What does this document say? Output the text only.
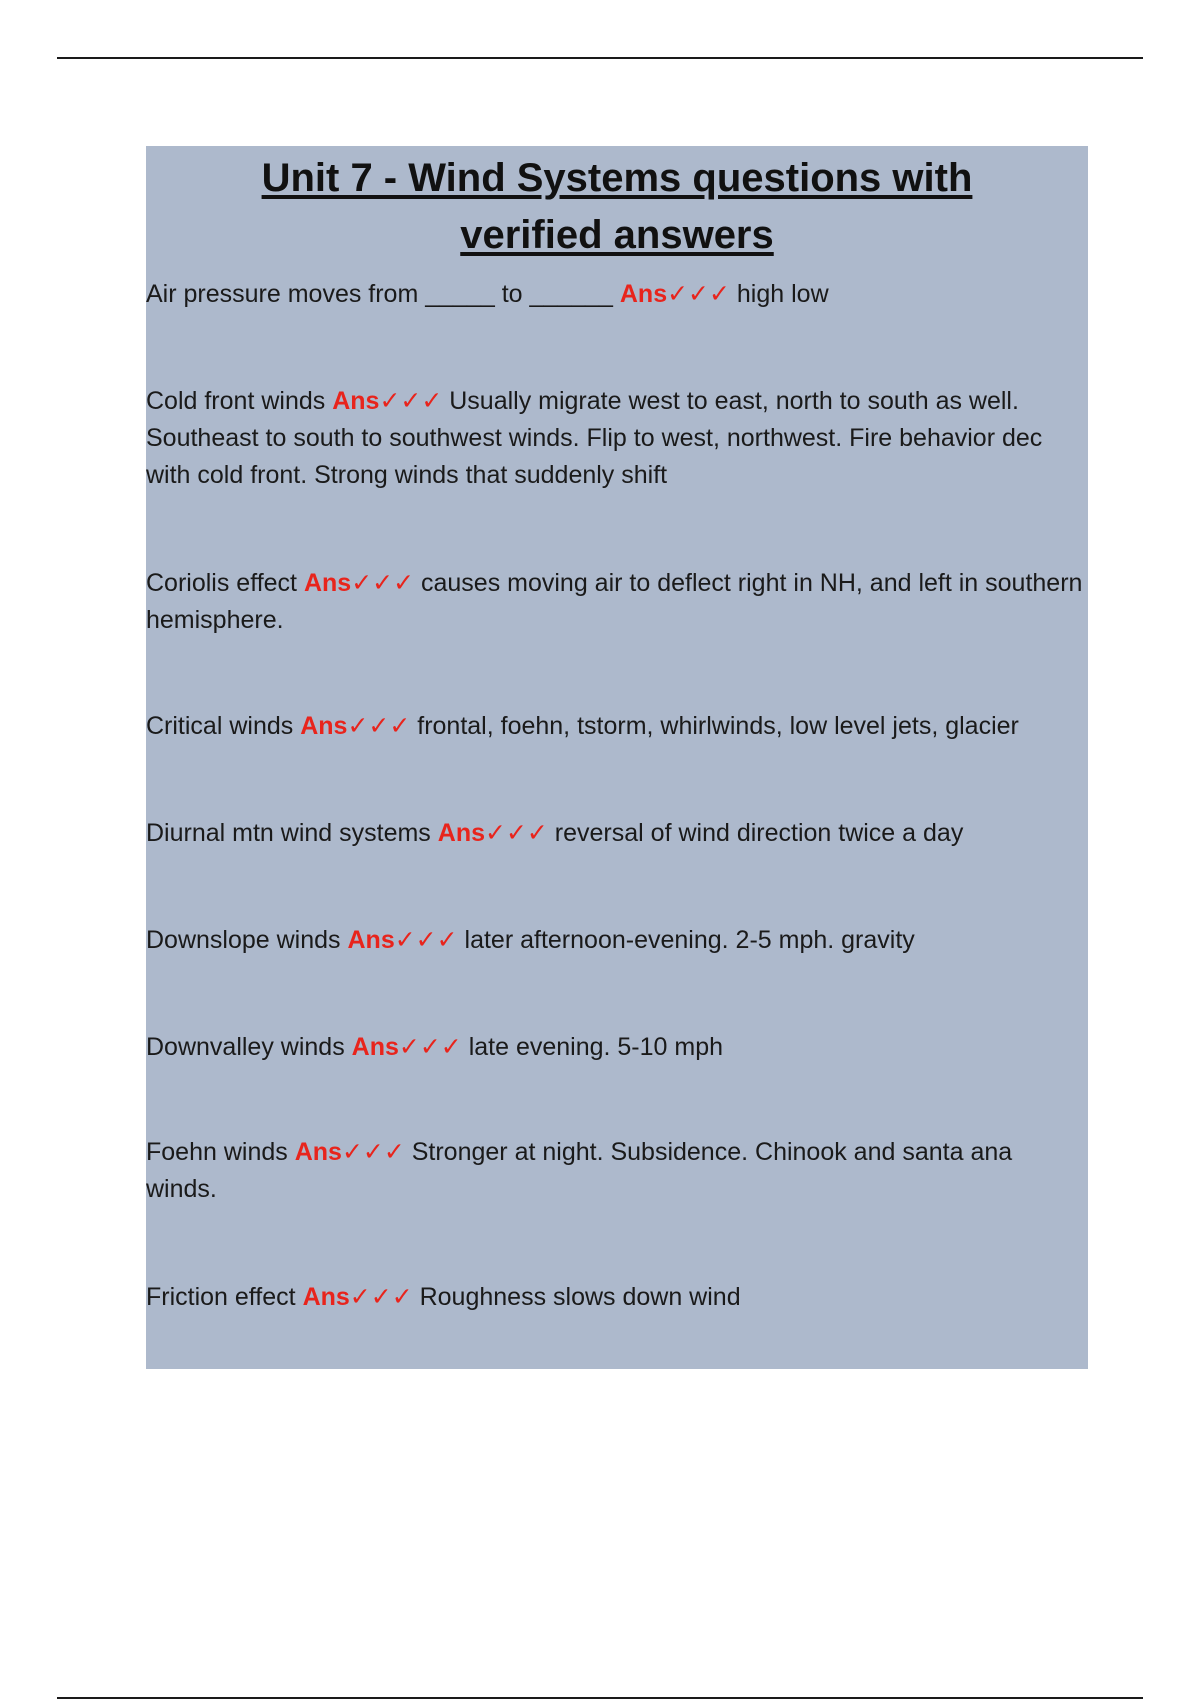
Unit 7 - Wind Systems questions with verified answers

Air pressure moves from _____ to ______ Ans✓✓✓ high low

Cold front winds Ans✓✓✓ Usually migrate west to east, north to south as well. Southeast to south to southwest winds. Flip to west, northwest. Fire behavior dec with cold front. Strong winds that suddenly shift

Coriolis effect Ans✓✓✓ causes moving air to deflect right in NH, and left in southern hemisphere.

Critical winds Ans✓✓✓ frontal, foehn, tstorm, whirlwinds, low level jets, glacier

Diurnal mtn wind systems Ans✓✓✓ reversal of wind direction twice a day

Downslope winds Ans✓✓✓ later afternoon-evening. 2-5 mph. gravity

Downvalley winds Ans✓✓✓ late evening. 5-10 mph

Foehn winds Ans✓✓✓ Stronger at night. Subsidence. Chinook and santa ana winds.

Friction effect Ans✓✓✓ Roughness slows down wind
